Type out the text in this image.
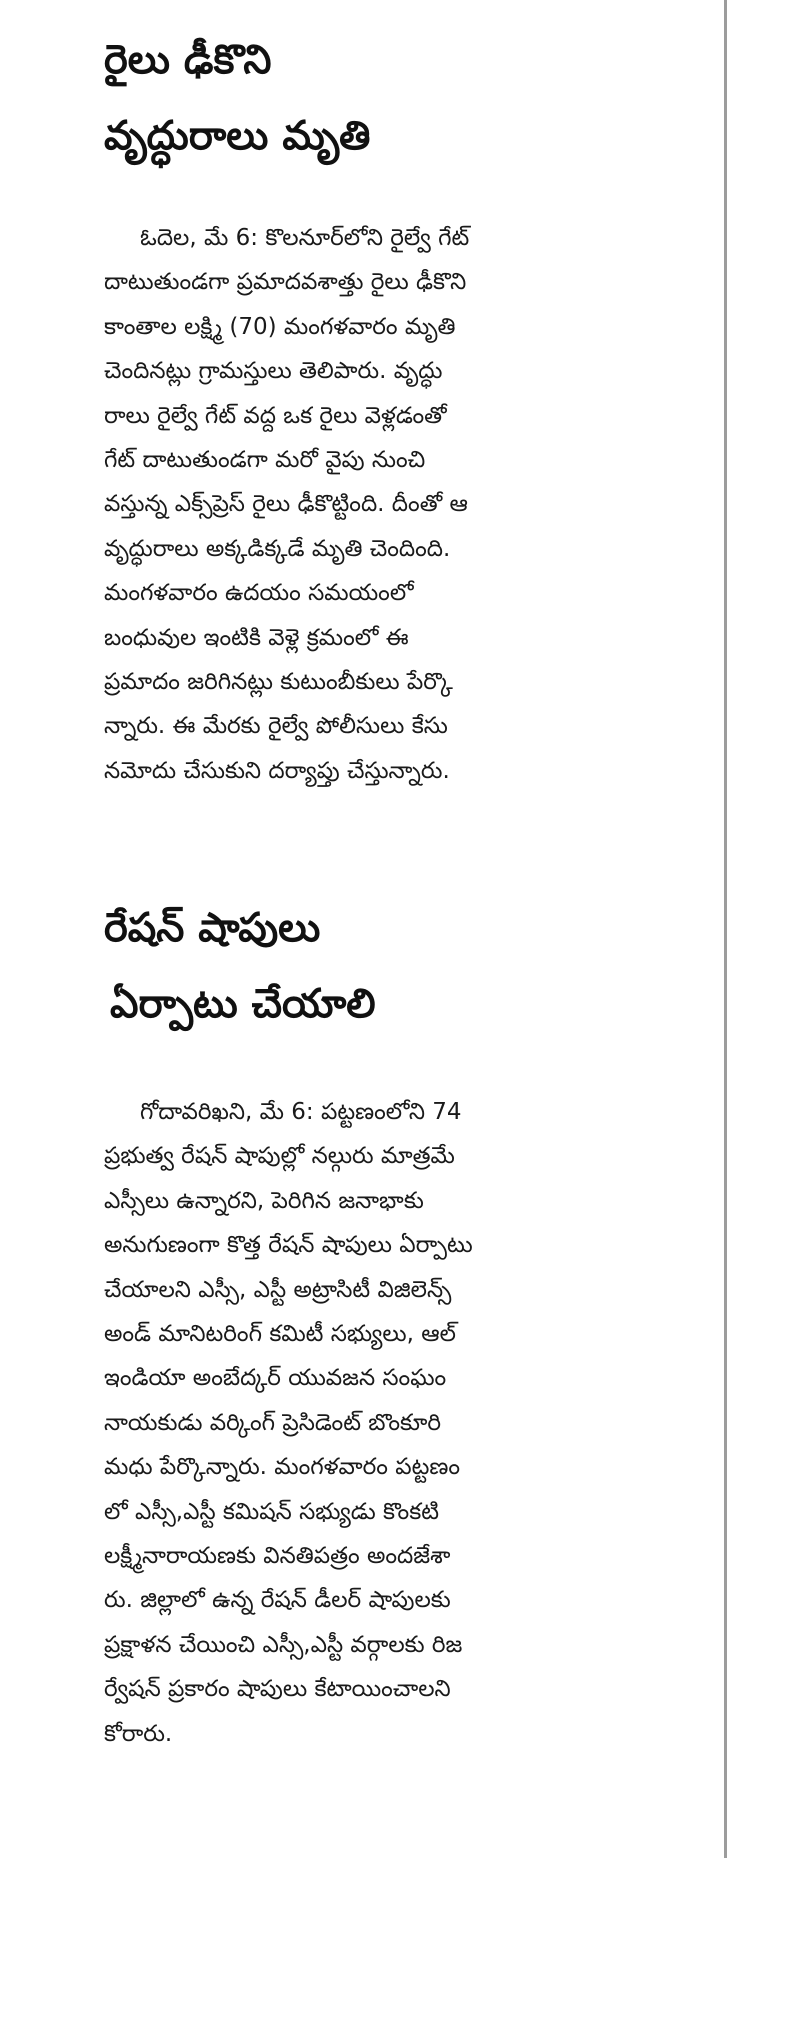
రైలు ఢీకొని
వృద్ధురాలు మృతి
ఓదెల, మే 6: కొలనూర్‌లోని రైల్వే గేట్‌
దాటుతుండగా ప్రమాదవశాత్తు రైలు ఢీకొని
కాంతాల లక్ష్మి (70) మంగళవారం మృతి
చెందినట్లు గ్రామస్తులు తెలిపారు. వృద్ధు
రాలు రైల్వే గేట్‌ వద్ద ఒక రైలు వెళ్లడంతో
గేట్‌ దాటుతుండగా మరో వైపు నుంచి
వస్తున్న ఎక్స్‌ప్రెస్‌ రైలు ఢీకొట్టింది. దీంతో ఆ
వృద్ధురాలు అక్కడిక్కడే మృతి చెందింది.
మంగళవారం ఉదయం సమయంలో
బంధువుల ఇంటికి వెళ్లె క్రమంలో ఈ
ప్రమాదం జరిగినట్లు కుటుంబీకులు పేర్కొ
న్నారు. ఈ మేరకు రైల్వే పోలీసులు కేసు
నమోదు చేసుకుని దర్యాప్తు చేస్తున్నారు.
రేషన్‌ షాపులు
ఏర్పాటు చేయాలి
గోదావరిఖని, మే 6: పట్టణంలోని 74
ప్రభుత్వ రేషన్‌ షాపుల్లో నల్గురు మాత్రమే
ఎస్సీలు ఉన్నారని, పెరిగిన జనాభాకు
అనుగుణంగా కొత్త రేషన్‌ షాపులు ఏర్పాటు
చేయాలని ఎస్సీ, ఎస్టీ అట్రాసిటీ విజిలెన్స్‌
అండ్‌ మానిటరింగ్‌ కమిటీ సభ్యులు, ఆల్‌
ఇండియా అంబేద్కర్‌ యువజన సంఘం
నాయకుడు వర్కింగ్‌ ప్రెసిడెంట్‌ బొంకూరి
మధు పేర్కొన్నారు. మంగళవారం పట్టణం
లో ఎస్సీ,ఎస్టీ కమిషన్‌ సభ్యుడు కొంకటి
లక్ష్మీనారాయణకు వినతిపత్రం అందజేశా
రు. జిల్లాలో ఉన్న రేషన్‌ డీలర్‌ షాపులకు
ప్రక్షాళన చేయించి ఎస్సీ,ఎస్టీ వర్గాలకు రిజ
ర్వేషన్‌ ప్రకారం షాపులు కేటాయించాలని
కోరారు.
